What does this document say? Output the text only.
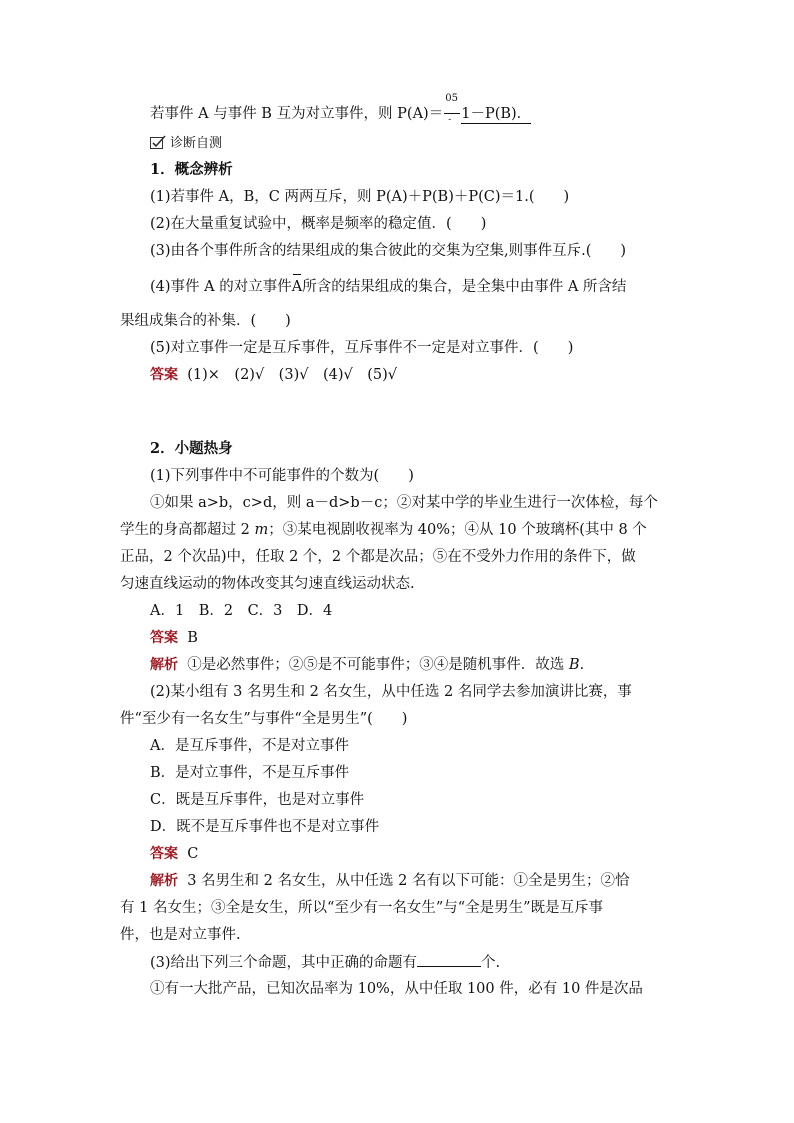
若事件 A 与事件 B 互为对立事件，则 $P(A)= \frac{05}{-} 1-P(B)$．
诊断自测
1．概念辨析
(1)若事件 A，B，C 两两互斥，则 P(A)＋P(B)＋P(C)＝1.(　　)
(2)在大量重复试验中，概率是频率的稳定值．(　　)
(3)由各个事件所含的结果组成的集合彼此的交集为空集,则事件互斥.(　　)
(4)事件 A 的对立事件A所含的结果组成的集合，是全集中由事件 A 所含结
果组成集合的补集．(　　)
(5)对立事件一定是互斥事件，互斥事件不一定是对立事件．(　　)
答案 (1)×　(2)√　(3)√　(4)√　(5)√
2．小题热身
(1)下列事件中不可能事件的个数为(　　)
①如果 a>b，c>d，则 a－d>b－c；②对某中学的毕业生进行一次体检，每个
学生的身高都超过 2 m；③某电视剧收视率为 40%；④从 10 个玻璃杯(其中 8 个
正品，2 个次品)中，任取 2 个，2 个都是次品；⑤在不受外力作用的条件下，做
匀速直线运动的物体改变其匀速直线运动状态.
A．1　B．2　C．3　D．4
答案 B
解析 ①是必然事件；②⑤是不可能事件；③④是随机事件．故选 B.
(2)某小组有 3 名男生和 2 名女生，从中任选 2 名同学去参加演讲比赛，事
件“至少有一名女生”与事件“全是男生”(　　)
A．是互斥事件，不是对立事件
B．是对立事件，不是互斥事件
C．既是互斥事件，也是对立事件
D．既不是互斥事件也不是对立事件
答案 C
解析 3 名男生和 2 名女生，从中任选 2 名有以下可能：①全是男生；②恰
有 1 名女生；③全是女生，所以“至少有一名女生”与“全是男生”既是互斥事
件，也是对立事件.
(3)给出下列三个命题，其中正确的命题有	个.
①有一大批产品，已知次品率为 10%，从中任取 100 件，必有 10 件是次品
